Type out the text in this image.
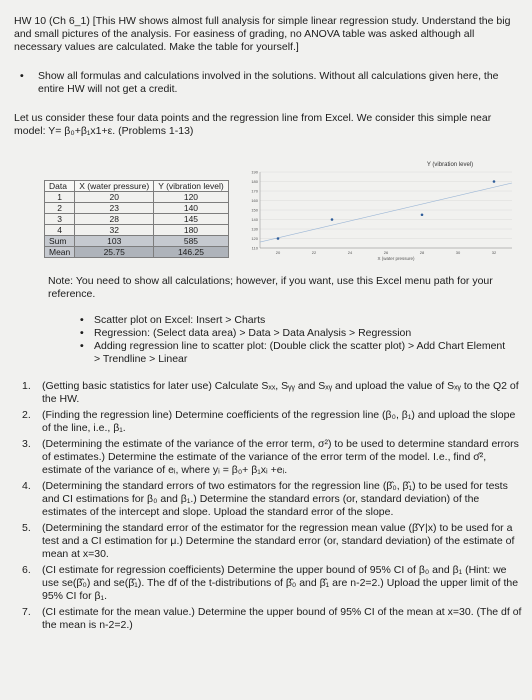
HW 10 (Ch 6_1) [This HW shows almost full analysis for simple linear regression study. Understand the big and small pictures of the analysis. For easiness of grading, no ANOVA table was asked although all necessary values are calculated. Make the table for yourself.]

• Show all formulas and calculations involved in the solutions. Without all calculations given here, the entire HW will not get a credit.

Let us consider these four data points and the regression line from Excel. We consider this simple near model: Y= β₀+β₁x1+ε. (Problems 1-13)

Data	X (water pressure)	Y (vibration level)
1	20	120
2	23	140
3	28	145
4	32	180
Sum	103	585
Mean	25.75	146.25
Y (vibration level)
190
180
170
160
150
140
130
120
110
20	22	24	26	28	30	32
X (water pressure)

Note: You need to show all calculations; however, if you want, use this Excel menu path for your reference.

• Scatter plot on Excel: Insert > Charts
• Regression: (Select data area) > Data > Data Analysis > Regression
• Adding regression line to scatter plot: (Double click the scatter plot) > Add Chart Element > Trendline > Linear
1. (Getting basic statistics for later use) Calculate Sₓₓ, Sᵧᵧ and Sₓᵧ and upload the value of Sₓᵧ to the Q2 of the HW.
2. (Finding the regression line) Determine coefficients of the regression line (β₀, β₁) and upload the slope of the line, i.e., β₁.
3. (Determining the estimate of the variance of the error term, σ²) to be used to determine standard errors of estimates.) Determine the estimate of the variance of the error term of the model. I.e., find σ̂², estimate of the variance of eᵢ, where yᵢ = β₀+ β₁xᵢ +eᵢ.
4. (Determining the standard errors of two estimators for the regression line (β̂₀, β̂₁) to be used for tests and CI estimations for β₀ and β₁.) Determine the standard errors (or, standard deviation) of the estimates of the intercept and slope. Upload the standard error of the slope.
5. (Determining the standard error of the estimator for the regression mean value (β̂Y|x) to be used for a test and a CI estimation for μ.) Determine the standard error (or, standard deviation) of the estimate of mean at x=30.
6. (CI estimate for regression coefficients) Determine the upper bound of 95% CI of β₀ and β₁ (Hint: we use se(β̂₀) and se(β̂₁). The df of the t-distributions of β̂₀ and β̂₁ are n-2=2.) Upload the upper limit of the 95% CI for β₁.
7. (CI estimate for the mean value.) Determine the upper bound of 95% CI of the mean at x=30. (The df of the mean is n-2=2.)
